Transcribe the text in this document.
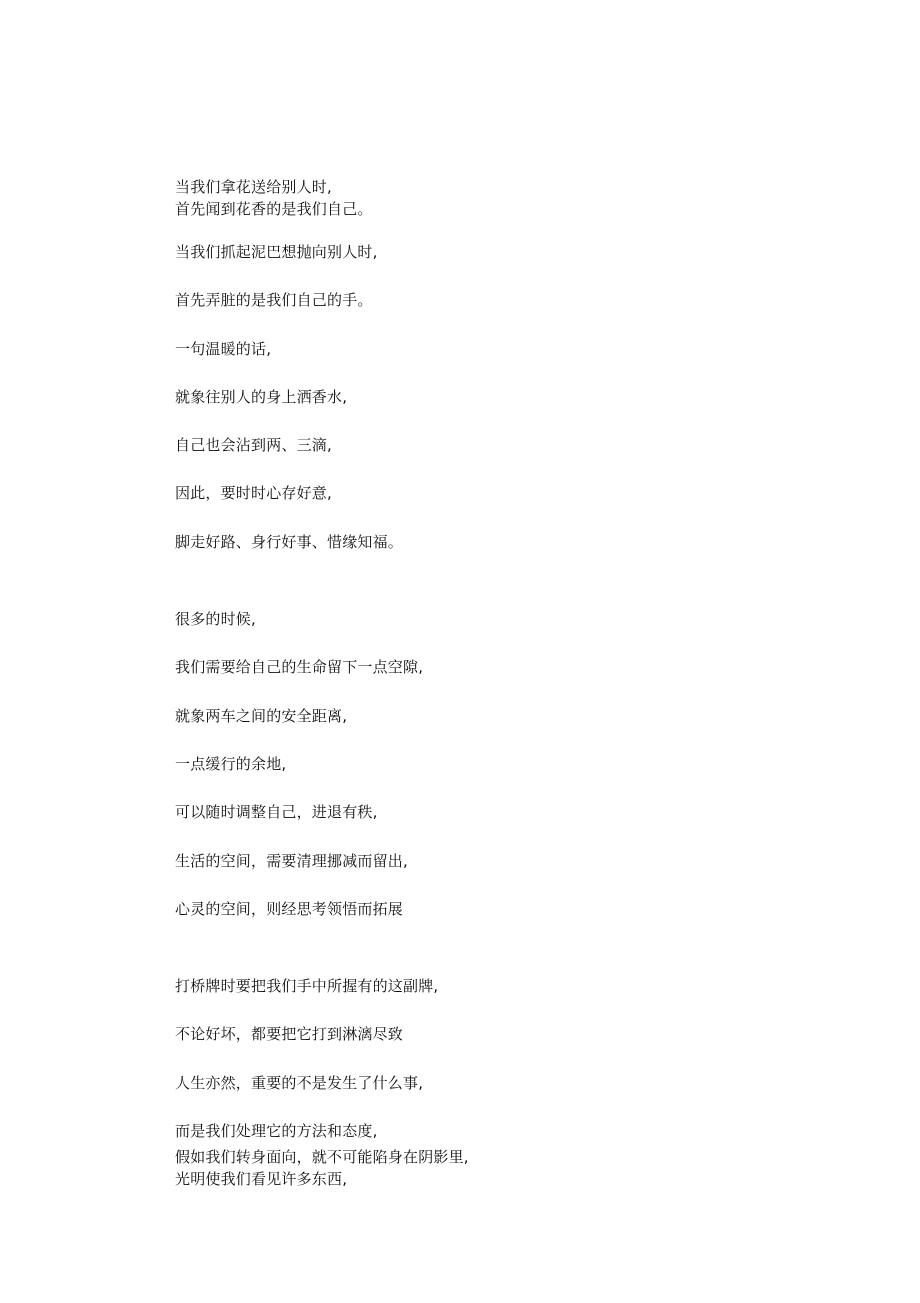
当我们拿花送给别人时,
首先闻到花香的是我们自己。
当我们抓起泥巴想抛向别人时,
首先弄脏的是我们自己的手。
一句温暖的话,
就象往别人的身上洒香水,
自己也会沾到两、三滴,
因此，要时时心存好意,
脚走好路、身行好事、惜缘知福。
很多的时候,
我们需要给自己的生命留下一点空隙,
就象两车之间的安全距离,
一点缓行的余地,
可以随时调整自己，进退有秩,
生活的空间，需要清理挪减而留出,
心灵的空间，则经思考领悟而拓展
打桥牌时要把我们手中所握有的这副牌,
不论好坏，都要把它打到淋漓尽致
人生亦然，重要的不是发生了什么事,
而是我们处理它的方法和态度,
假如我们转身面向，就不可能陷身在阴影里,
光明使我们看见许多东西,
